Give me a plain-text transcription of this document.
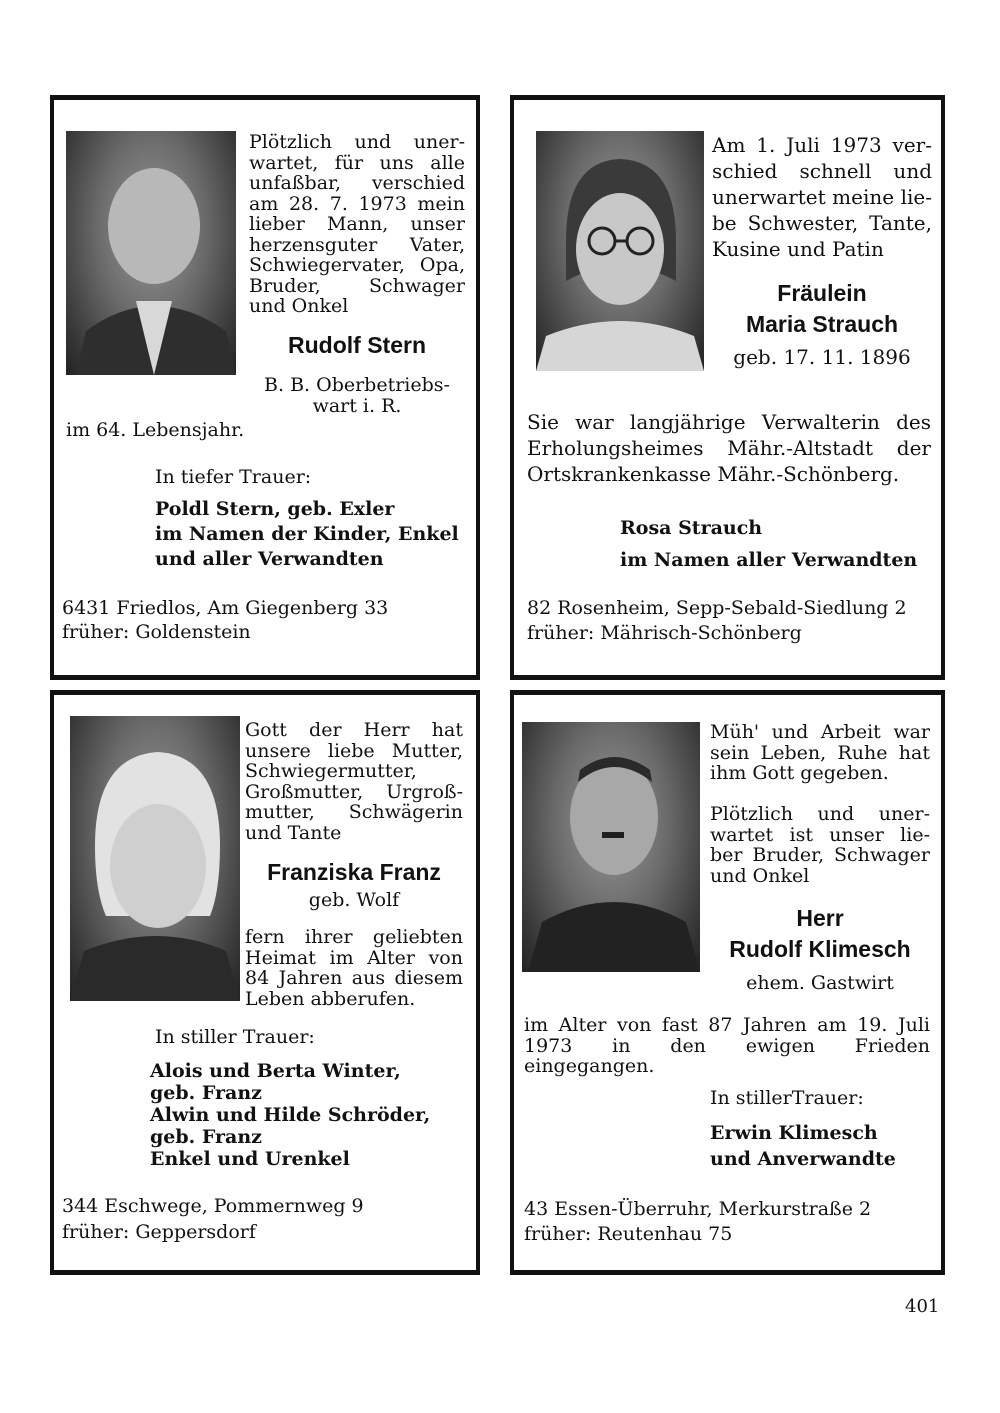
Plötzlich und uner-
wartet, für uns alle
unfaßbar, verschied
am 28. 7. 1973 mein
lieber Mann, unser
herzensguter Vater,
Schwiegervater, Opa,
Bruder, Schwager
und Onkel
Rudolf Stern
B. B. Oberbetriebs-
wart i. R.
im 64. Lebensjahr.
In tiefer Trauer:
Poldl Stern, geb. Exler
im Namen der Kinder, Enkel
und aller Verwandten
6431 Friedlos, Am Giegenberg 33
früher: Goldenstein
Am 1. Juli 1973 ver-
schied schnell und
unerwartet meine lie-
be Schwester, Tante,
Kusine und Patin
Fräulein
Maria Strauch
geb. 17. 11. 1896
Sie war langjährige Verwalterin des
Erholungsheimes Mähr.-Altstadt der
Ortskrankenkasse Mähr.-Schönberg.
Rosa Strauch
im Namen aller Verwandten
82 Rosenheim, Sepp-Sebald-Siedlung 2
früher: Mährisch-Schönberg
Gott der Herr hat
unsere liebe Mutter,
Schwiegermutter,
Großmutter, Urgroß-
mutter, Schwägerin
und Tante
Franziska Franz
geb. Wolf
fern ihrer geliebten
Heimat im Alter von
84 Jahren aus diesem
Leben abberufen.
In stiller Trauer:
Alois und Berta Winter,
geb. Franz
Alwin und Hilde Schröder,
geb. Franz
Enkel und Urenkel
344 Eschwege, Pommernweg 9
früher: Geppersdorf
Müh' und Arbeit war
sein Leben, Ruhe hat
ihm Gott gegeben.
Plötzlich und uner-
wartet ist unser lie-
ber Bruder, Schwager
und Onkel
Herr
Rudolf Klimesch
ehem. Gastwirt
im Alter von fast 87 Jahren am 19. Juli
1973 in den ewigen Frieden eingegangen.
In stillerTrauer:
Erwin Klimesch
und Anverwandte
43 Essen-Überruhr, Merkurstraße 2
früher: Reutenhau 75
401
